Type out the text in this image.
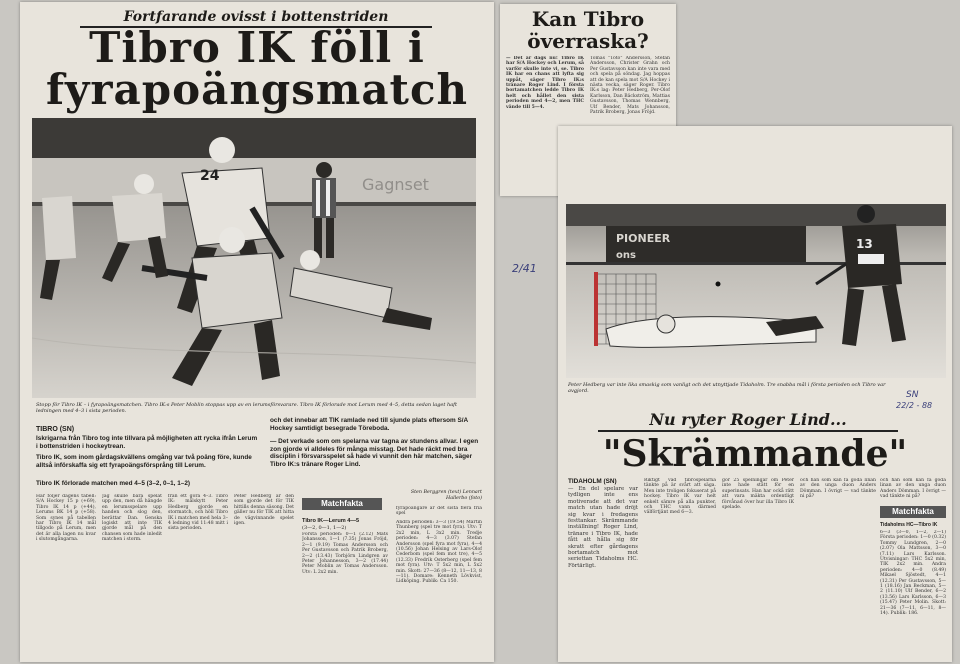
2/41
Fortfarande ovisst i bottenstriden
Tibro IK föll i
fyrapoängsmatch
Gagnset
24
Stopp för Tibro IK – i fyrapoängsmatchen. Tibro IK:s Peter Moblin stoppas upp av en lerumsförsvarare. Tibro IK förlorade mot Lerum med 4–5, detta sedan laget haft ledningen med 4–3 i sista perioden.
TIBRO (SN)
Iskrigarna från Tibro tog inte tillvara på möjligheten att rycka ifrån Lerum i bottenstriden i hockeytrean.
Tibro IK, som inom gårdagskvällens omgång var två poäng före, kunde alltså införskaffa sig ett fyrapoängsförsprång till Lerum.
Tibro IK förlorade matchen med 4–5 (3–2, 0–1, 1–2)
och det innebar att TIK ramlade ned till sjunde plats eftersom S/A Hockey samtidigt besegrade Töreboda.
— Det verkade som om spelarna var tagna av stundens allvar. I egen zon gjorde vi alldeles för många misstag. Det hade räckt med bra disciplin i försvarsspelet så hade vi vunnit den här matchen, säger Tibro IK:s tränare Roger Lind.
Sten Berggren (text) Lennart Hallerbo (foto)
Här följer dagens tabell: S/A Hockey 15 p (+69), Tibro IK 14 p (+44), Lerums BK 14 p (+58). Som synes på tabellen har Tibro IK 14 mål tillgodo på Lerum, men det är alla lagen nu kvar i slutomgångarna.
Jag skulle bara spelat upp den, men då hängde en lerumsspelare upp handen och slog den, berättar Dan. Genska logiskt att inte TIK gjorde mål på den chansen som hade inledit matchen i storm.
från ett göra 4–3. Tibro IK: målskytt Peter Hedberg gjorde en stormatch, och höll Tibro IK i matchen med hela 3–4 ledning vid 11:48 mitt i sista perioden.
Peter Hedberg är den som gjorde det för TIK hittills denna säsong. Det gäller nu för TIK att hitta de vägvinnande spelet igen.
Matchfakta
fyrapoängare är det sista flera fria spel
Tibro IK—Lerum 4—5
(3—2, 0—1, 1—2)
Första perioden: 0—1 (2.12) Mats Johansson, 1—1 (7.35) Jonas Fröjd, 2—1 (9.19) Tomas Andersson och Per Gustavsson och Patrik Broberg, 2—2 (13.43) Torbjörn Lindgren av Peter Johannesson, 3—2 (17.44) Peter Moblin av Tomas Andersson. Utv: L 2x2 min.
Andra perioden: 3—3 (19.54) Martin Thunberg (spel tre mot fyra). Utv: T 2x2 min, L 3x2 min. Tredje perioden: 4—3 (3.07) Stefan Andersson (spel fyra mot fyra), 4—4 (10.56) Johan Helsing av Lars-Olof Cederbom (spel fem mot tre), 4—5 (12.33) Fredrik Osterberg (spel fem mot fyra). Utv: T 5x2 min, L 5x2 min. Skott: 27—36 (8—12, 11—13, 8—11). Domare: Kenneth Lövkvist, Lidköping. Publik: Ca 150.
Kan Tibro
överraska?
— Det är dags nu! Tibro IK har S/A Hockey och Lerum, så varför skulle inte vi, se. Tibro IK har en chans att lyfta sig uppåt, säger Tibro IK:s tränare Roger Lind. I första bortamatchen ledde Tibro IK helt och hållet den sista perioden med 4—2, men THC vände till 5—4.
Tomas "Toto" Andersson, Stefan Andersson, Christer Grahn och Per Gustavsson kan inte vara med och spela på söndag. Jag hoppas att de kan spela mot S/A Hockey i nästa vecka, säger Roger. Tibro IK:s lag: Peter Hedberg, Per-Olof Karlsson, Dan Bäckström, Mattias Gustavsson, Thomas Wennberg, Ulf Bender, Mats Johansson, Patrik Broberg, Jonas Fröjd.
PIONEER
ons
13
Peter Hedberg var inte lika smaskig som vanligt och det utnyttjade Tidaholm. Tre snabba mål i första perioden och Tibro var avgjord.	SN
22/2 - 88
Nu ryter Roger Lind...
"Skrämmande"
TIDAHOLM (SN)
— En del spelare var tydligen inte ens motiverade att det var match utan hade dröjt sig kvar i fredagens festtankar. Skrämmande inställning! Roger Lind, tränare i Tibro IK, hade fått att hålla sig för skratt efter gårdagens bortamatch mot seriettan Tidaholms HC. Förtärligt.
Riktigt vad tibrospelarna tänkte på är svårt att säga. Men inte troligen fokuserat på hockey. Tibro IK var helt enkelt sämre på alla punkter, och THC vann därmed välförtjänt med 6—3.
gör 25 spelningar om Peter inte hade stått för en superinsats. Han har ockå rätt att vara mäkta ordentligt förvånad över hur illa Tibro IK spelade.
och han som kan få goda linan av den unga duon Anders Dömman. I övrigt — vad tänkte ni på?
och han som kan få goda linan av den unga duon Anders Dömman. I övrigt — vad tänkte ni på?
Matchfakta
Tidaholms HC—Tibro IK
6—3 (3—0, 1—2, 2—1) Första perioden: 1—0 (0.32) Tommy Lundgren, 2—0 (2.07) Ola Mattsson, 3—0 (7.11) Lars Karlsson. Utvisningar: THC 5x2 min, TIK 2x2 min. Andra perioden: 4—0 (8.49) Mikael Sjöstedt, 4—1 (12.31) Per Gustavsson, 5—1 (18.16) Jan Beckman, 5—2 (11.10) Ulf Bender, 6—2 (13.56) Lars Karlsson, 6—3 (15.47) Peter Molin. Skott: 21—36 (7—11, 6—11, 8—14). Publik: 186.
